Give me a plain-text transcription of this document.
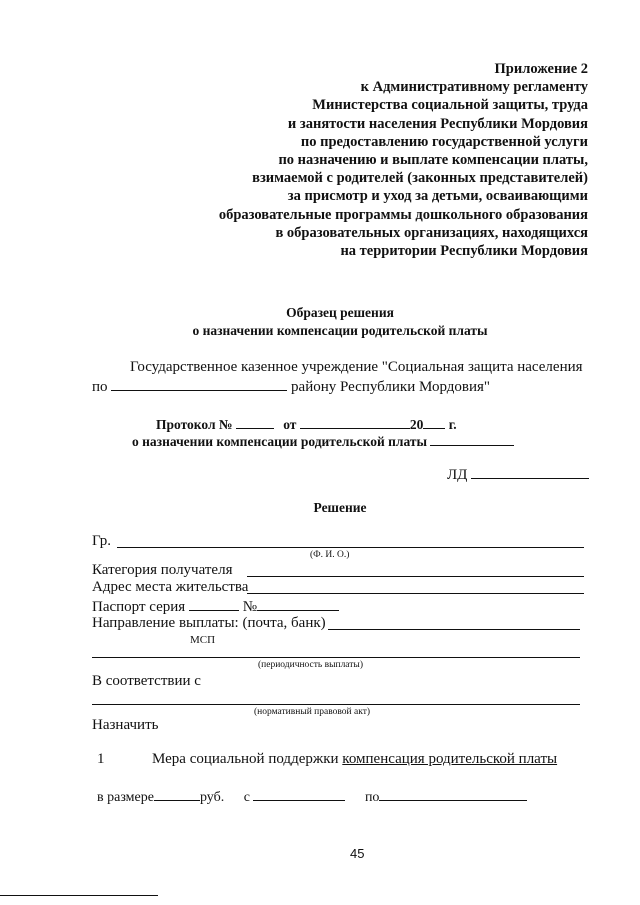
Приложение 2
к Административному регламенту
Министерства социальной защиты, труда
и занятости населения Республики Мордовия
по предоставлению государственной услуги
по назначению и выплате компенсации платы,
взимаемой с родителей (законных представителей)
за присмотр и уход за детьми, осваивающими
образовательные программы дошкольного образования
в образовательных организациях, находящихся
на территории Республики Мордовия
Образец решения
о назначении компенсации родительской платы
Государственное казенное учреждение "Социальная защита населения
по	району Республики Мордовия"
Протокол №	от	20 г.
о назначении компенсации родительской платы
ЛД
Решение
Гр.
(Ф. И. О.)
Категория получателя
Адрес места жительства
Паспорт серия	№
Направление выплаты: (почта, банк)
МСП
(периодичность выплаты)
В соответствии с
(нормативный правовой акт)
Назначить
1	Мера социальной поддержки компенсация родительской платы
в размере	руб. с	по
45
